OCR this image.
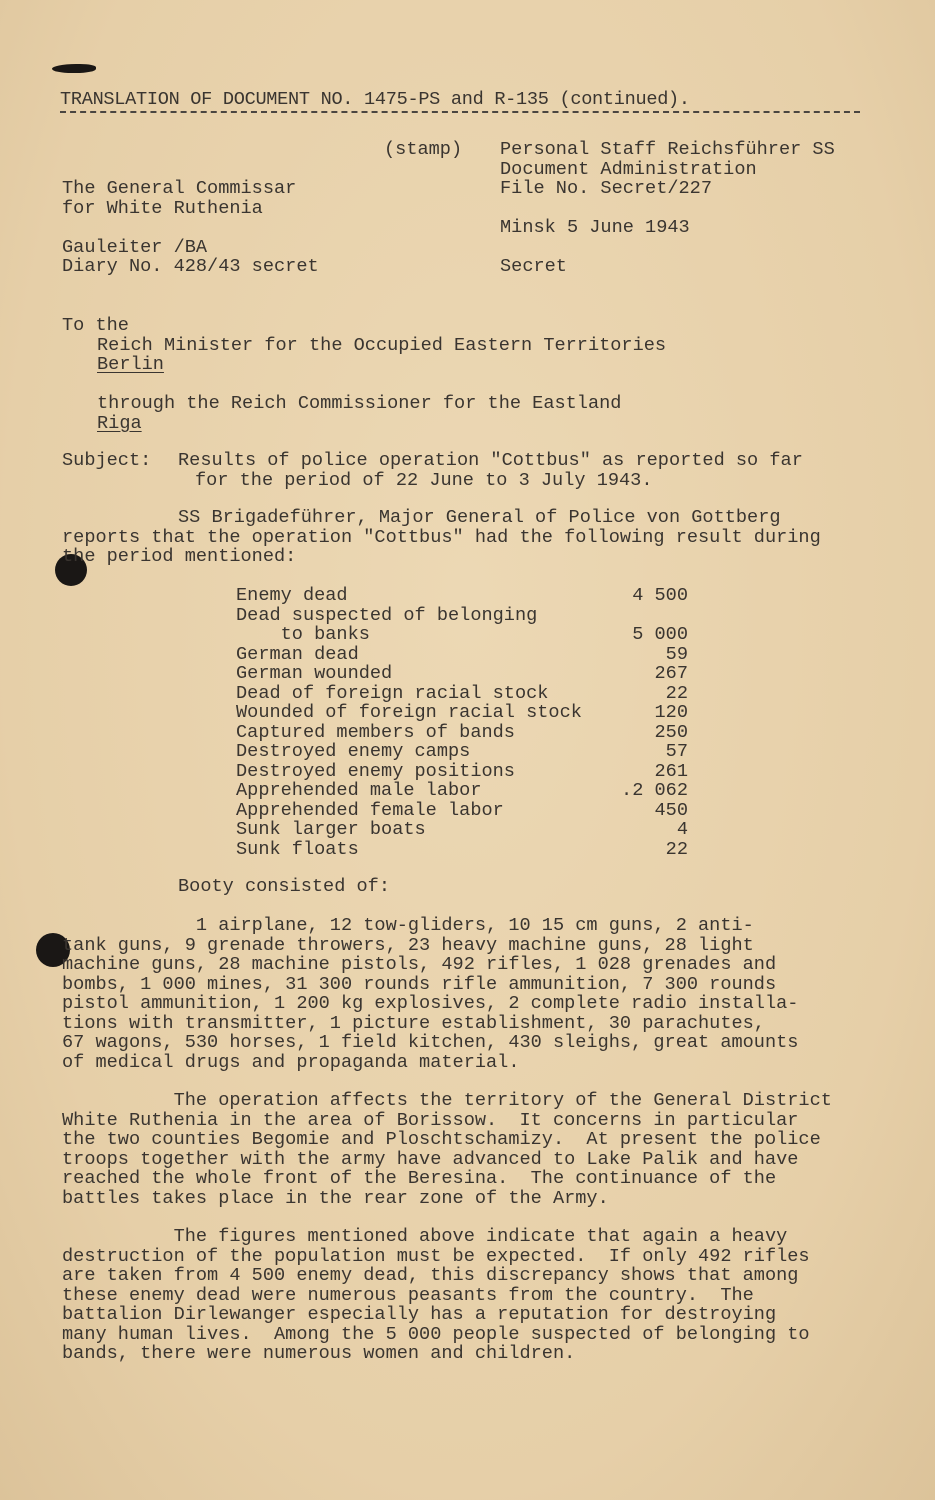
TRANSLATION OF DOCUMENT NO. 1475-PS and R-135 (continued).
(stamp) Personal Staff Reichsführer SS
Document Administration
File No. Secret/227
Minsk 5 June 1943
Secret
The General Commissar
for White Ruthenia
Gauleiter /BA
Diary No. 428/43 secret
To the
Reich Minister for the Occupied Eastern Territories
Berlin
through the Reich Commissioner for the Eastland
Riga
Subject: Results of police operation "Cottbus" as reported so far
for the period of 22 June to 3 July 1943.
SS Brigadeführer, Major General of Police von Gottberg
reports that the operation "Cottbus" had the following result during
the period mentioned:
Enemy dead	4 500
Dead suspected of belonging
to banks	5 000
German dead	59
German wounded	267
Dead of foreign racial stock	22
Wounded of foreign racial stock	120
Captured members of bands	250
Destroyed enemy camps	57
Destroyed enemy positions	261
Apprehended male labor	.2 062
Apprehended female labor	450
Sunk larger boats	4
Sunk floats	22
Booty consisted of:
1 airplane, 12 tow-gliders, 10 15 cm guns, 2 anti-
tank guns, 9 grenade throwers, 23 heavy machine guns, 28 light
machine guns, 28 machine pistols, 492 rifles, 1 028 grenades and
bombs, 1 000 mines, 31 300 rounds rifle ammunition, 7 300 rounds
pistol ammunition, 1 200 kg explosives, 2 complete radio installa-
tions with transmitter, 1 picture establishment, 30 parachutes,
67 wagons, 530 horses, 1 field kitchen, 430 sleighs, great amounts
of medical drugs and propaganda material.
The operation affects the territory of the General District
White Ruthenia in the area of Borissow.  It concerns in particular
the two counties Begomie and Ploschtschamizy.  At present the police
troops together with the army have advanced to Lake Palik and have
reached the whole front of the Beresina.  The continuance of the
battles takes place in the rear zone of the Army.
The figures mentioned above indicate that again a heavy
destruction of the population must be expected.  If only 492 rifles
are taken from 4 500 enemy dead, this discrepancy shows that among
these enemy dead were numerous peasants from the country.  The
battalion Dirlewanger especially has a reputation for destroying
many human lives.  Among the 5 000 people suspected of belonging to
bands, there were numerous women and children.
